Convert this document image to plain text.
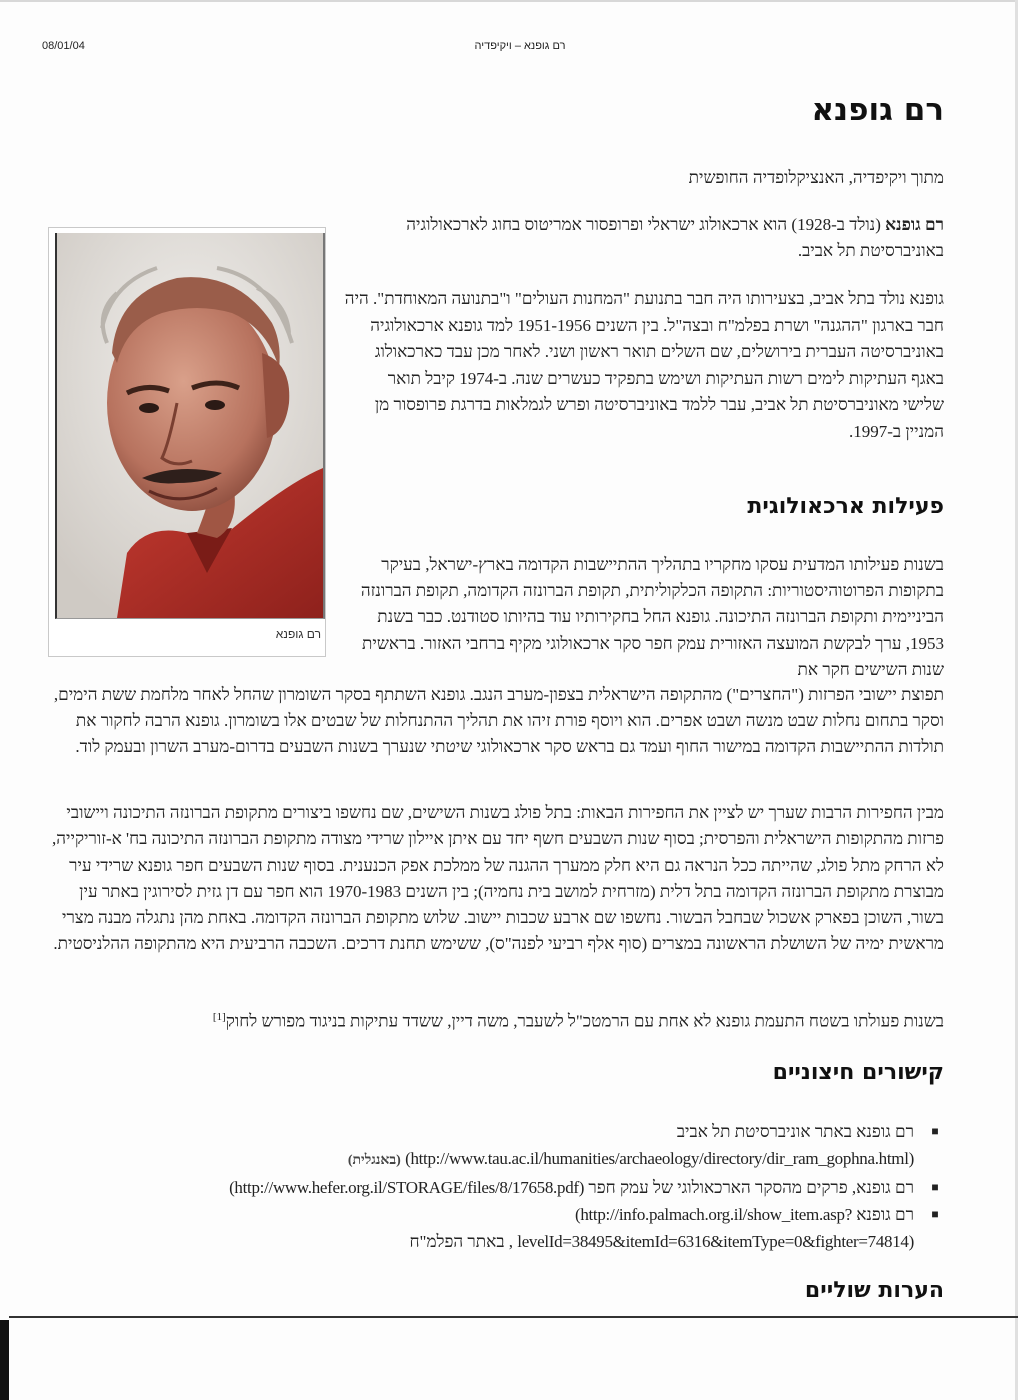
08/01/04	רם גופנא – ויקיפדיה
רם גופנא
מתוך ויקיפדיה, האנציקלופדיה החופשית
רם גופנא (נולד ב-1928) הוא ארכאולוג ישראלי ופרופסור אמריטוס בחוג לארכאולוגיה באוניברסיטת תל אביב.
גופנא נולד בתל אביב, בצעירותו היה חבר בתנועת "המחנות העולים" ו"בתנועה המאוחדת". היה חבר בארגון "ההגנה" ושרת בפלמ"ח ובצה"ל. בין השנים 1951-1956 למד גופנא ארכאולוגיה באוניברסיטה העברית בירושלים, שם השלים תואר ראשון ושני. לאחר מכן עבד כארכאולוג באגף העתיקות לימים רשות העתיקות ושימש בתפקיד כעשרים שנה. ב-1974 קיבל תואר שלישי מאוניברסיטת תל אביב, עבר ללמד באוניברסיטה ופרש לגמלאות בדרגת פרופסור מן המניין ב-1997.
רם גופנא
פעילות ארכאולוגית
בשנות פעילותו המדעית עסקו מחקריו בתהליך ההתיישבות הקדומה בארץ-ישראל, בעיקר בתקופות הפרוטוהיסטוריות: התקופה הכלקוליתית, תקופת הברונזה הקדומה, תקופת הברונזה הביניימית ותקופת הברונזה התיכונה. גופנא החל בחקירותיו עוד בהיותו סטודנט. כבר בשנת 1953, ערך לבקשת המועצה האזורית עמק חפר סקר ארכאולוגי מקיף ברחבי האזור. בראשית שנות השישים חקר את
תפוצת יישובי הפרזות ("החצרים") מהתקופה הישראלית בצפון-מערב הנגב. גופנא השתתף בסקר השומרון שהחל לאחר מלחמת ששת הימים, וסקר בתחום נחלות שבט מנשה ושבט אפרים. הוא ויוסף פורת זיהו את תהליך ההתנחלות של שבטים אלו בשומרון. גופנא הרבה לחקור את תולדות ההתיישבות הקדומה במישור החוף ועמד גם בראש סקר ארכאולוגי שיטתי שנערך בשנות השבעים בדרום-מערב השרון ובעמק לוד.
מבין החפירות הרבות שערך יש לציין את החפירות הבאות: בתל פולג בשנות השישים, שם נחשפו ביצורים מתקופת הברונזה התיכונה ויישובי פרזות מהתקופות הישראלית והפרסית; בסוף שנות השבעים חשף יחד עם איתן איילון שרידי מצודה מתקופת הברונזה התיכונה בח' א-זוריקייה, לא הרחק מתל פולג, שהייתה ככל הנראה גם היא חלק ממערך ההגנה של ממלכת אפק הכנענית. בסוף שנות השבעים חפר גופנא שרידי עיר מבוצרת מתקופת הברונזה הקדומה בתל דלית (מזרחית למושב בית נחמיה); בין השנים 1970-1983 הוא חפר עם דן גזית לסירוגין באתר עין בשור, השוכן בפארק אשכול שבחבל הבשור. נחשפו שם ארבע שכבות יישוב. שלוש מתקופת הברונזה הקדומה. באחת מהן נתגלה מבנה מצרי מראשית ימיה של השושלת הראשונה במצרים (סוף אלף רביעי לפנה"ס), ששימש תחנת דרכים. השכבה הרביעית היא מהתקופה ההלניסטית.
בשנות פעולתו בשטח התעמת גופנא לא אחת עם הרמטכ"ל לשעבר, משה דיין, ששדד עתיקות בניגוד מפורש לחוק[1]
קישורים חיצוניים
■
רם גופנא באתר אוניברסיטת תל אביב
(http://www.tau.ac.il/humanities/archaeology/directory/dir_ram_gophna.html) (באנגלית)
■
רם גופנא, פרקים מהסקר הארכאולוגי של עמק חפר (http://www.hefer.org.il/STORAGE/files/8/17658.pdf)
■
רם גופנא (http://info.palmach.org.il/show_item.asp?
levelId=38495&itemId=6316&itemType=0&fighter=74814) , באתר הפלמ"ח
הערות שוליים
